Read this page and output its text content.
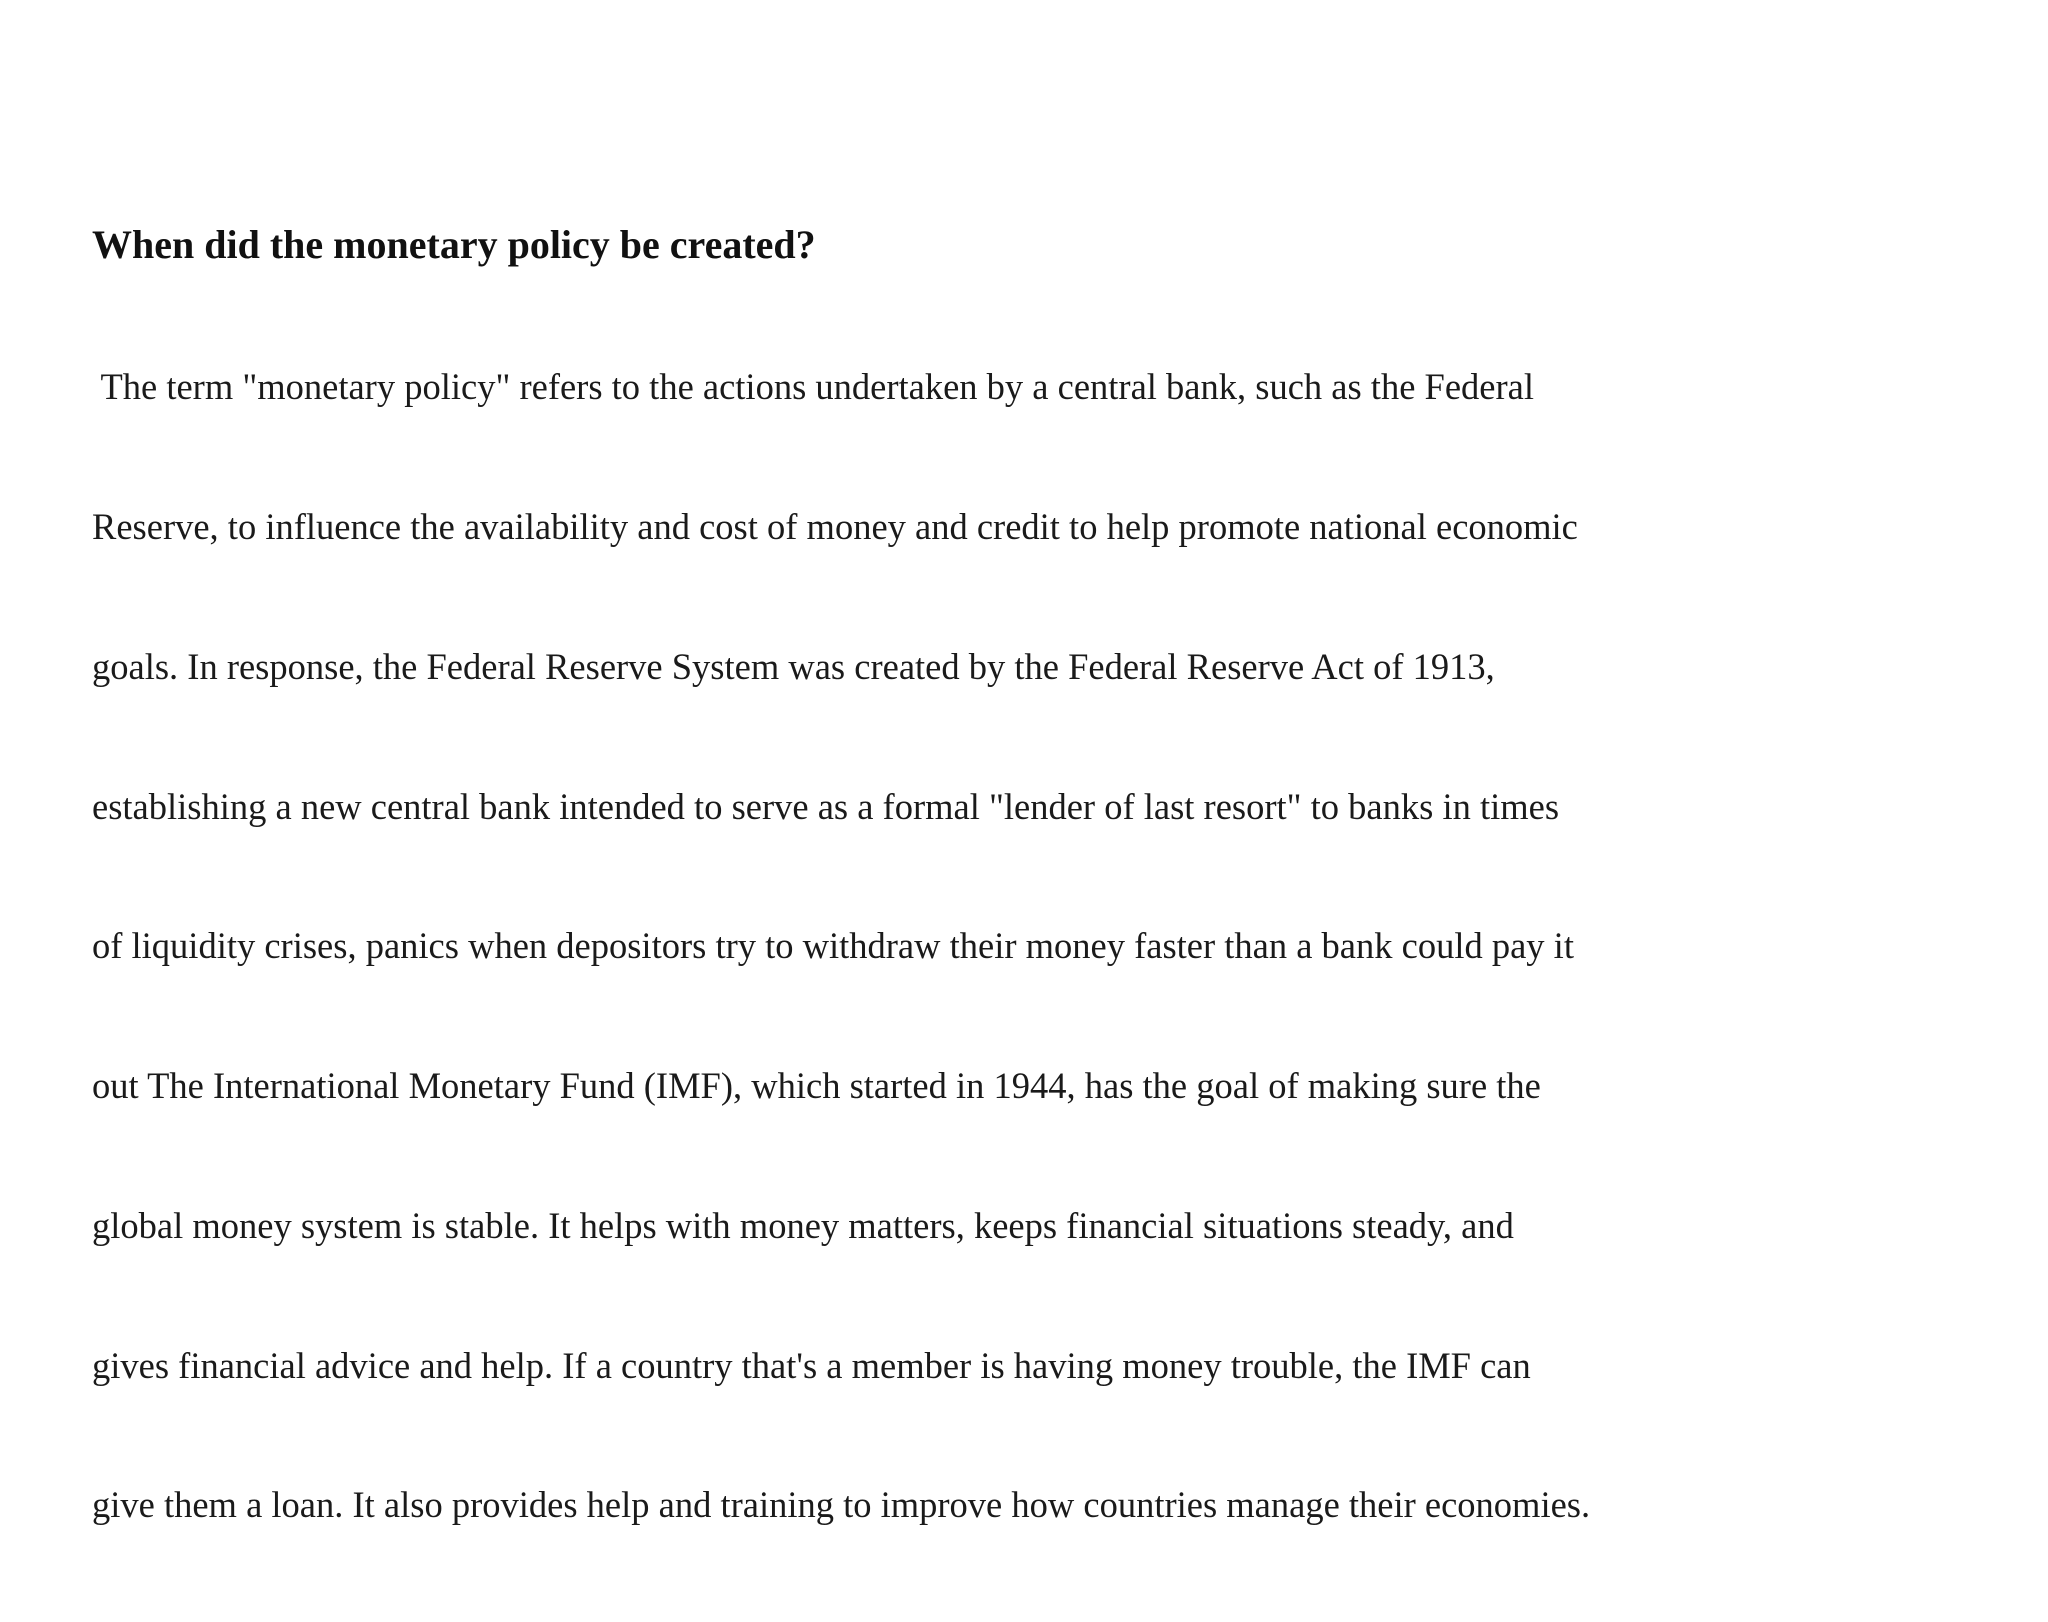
When did the monetary policy be created?

The term "monetary policy" refers to the actions undertaken by a central bank, such as the Federal

Reserve, to influence the availability and cost of money and credit to help promote national economic

goals. In response, the Federal Reserve System was created by the Federal Reserve Act of 1913,

establishing a new central bank intended to serve as a formal "lender of last resort" to banks in times

of liquidity crises, panics when depositors try to withdraw their money faster than a bank could pay it

out The International Monetary Fund (IMF), which started in 1944, has the goal of making sure the

global money system is stable. It helps with money matters, keeps financial situations steady, and

gives financial advice and help. If a country that's a member is having money trouble, the IMF can

give them a loan. It also provides help and training to improve how countries manage their economies.
